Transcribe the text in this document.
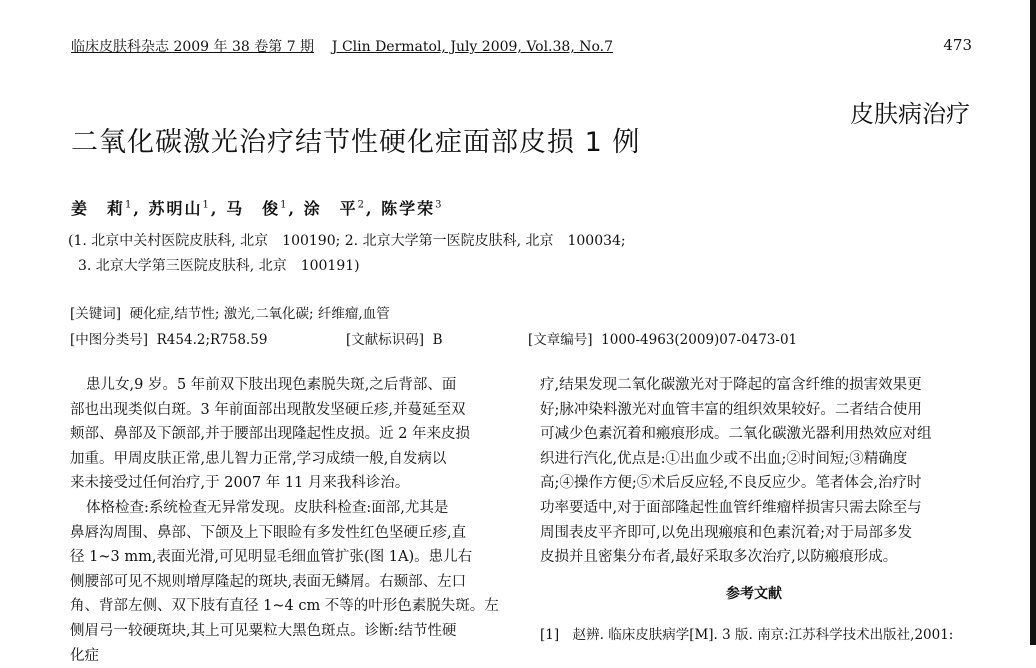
临床皮肤科杂志 2009 年 38 卷第 7 期 J Clin Dermatol, July 2009, Vol.38, No.7	473
皮肤病治疗
二氧化碳激光治疗结节性硬化症面部皮损 1 例
姜　莉$^1$, 苏明山$^1$, 马　俊$^1$, 涂　平$^2$, 陈学荣$^3$
(1. 北京中关村医院皮肤科, 北京　100190; 2. 北京大学第一医院皮肤科, 北京　100034;
3. 北京大学第三医院皮肤科, 北京　100191)
[关键词] 硬化症,结节性; 激光,二氧化碳; 纤维瘤,血管
[中图分类号] R454.2;R758.59	[文献标识码] B	[文章编号] 1000-4963(2009)07-0473-01
患儿女,9 岁。5 年前双下肢出现色素脱失斑,之后背部、面
部也出现类似白斑。3 年前面部出现散发坚硬丘疹,并蔓延至双
颊部、鼻部及下颌部,并于腰部出现隆起性皮损。近 2 年来皮损
加重。甲周皮肤正常,患儿智力正常,学习成绩一般,自发病以
来未接受过任何治疗,于 2007 年 11 月来我科诊治。
体格检查:系统检查无异常发现。皮肤科检查:面部,尤其是
鼻唇沟周围、鼻部、下颌及上下眼睑有多发性红色坚硬丘疹,直
径 1~3 mm,表面光滑,可见明显毛细血管扩张(图 1A)。患儿右
侧腰部可见不规则增厚隆起的斑块,表面无鳞屑。右颞部、左口
角、背部左侧、双下肢有直径 1~4 cm 不等的叶形色素脱失斑。左
侧眉弓一较硬斑块,其上可见粟粒大黑色斑点。诊断:结节性硬
化症
疗,结果发现二氧化碳激光对于降起的富含纤维的损害效果更
好;脉冲染料激光对血管丰富的组织效果较好。二者结合使用
可减少色素沉着和瘢痕形成。二氧化碳激光器利用热效应对组
织进行汽化,优点是:①出血少或不出血;②时间短;③精确度
高;④操作方便;⑤术后反应轻,不良反应少。笔者体会,治疗时
功率要适中,对于面部隆起性血管纤维瘤样损害只需去除至与
周围表皮平齐即可,以免出现瘢痕和色素沉着;对于局部多发
皮损并且密集分布者,最好采取多次治疗,以防瘢痕形成。
参考文献
[1]　赵辨. 临床皮肤病学[M]. 3 版. 南京:江苏科学技术出版社,2001:
